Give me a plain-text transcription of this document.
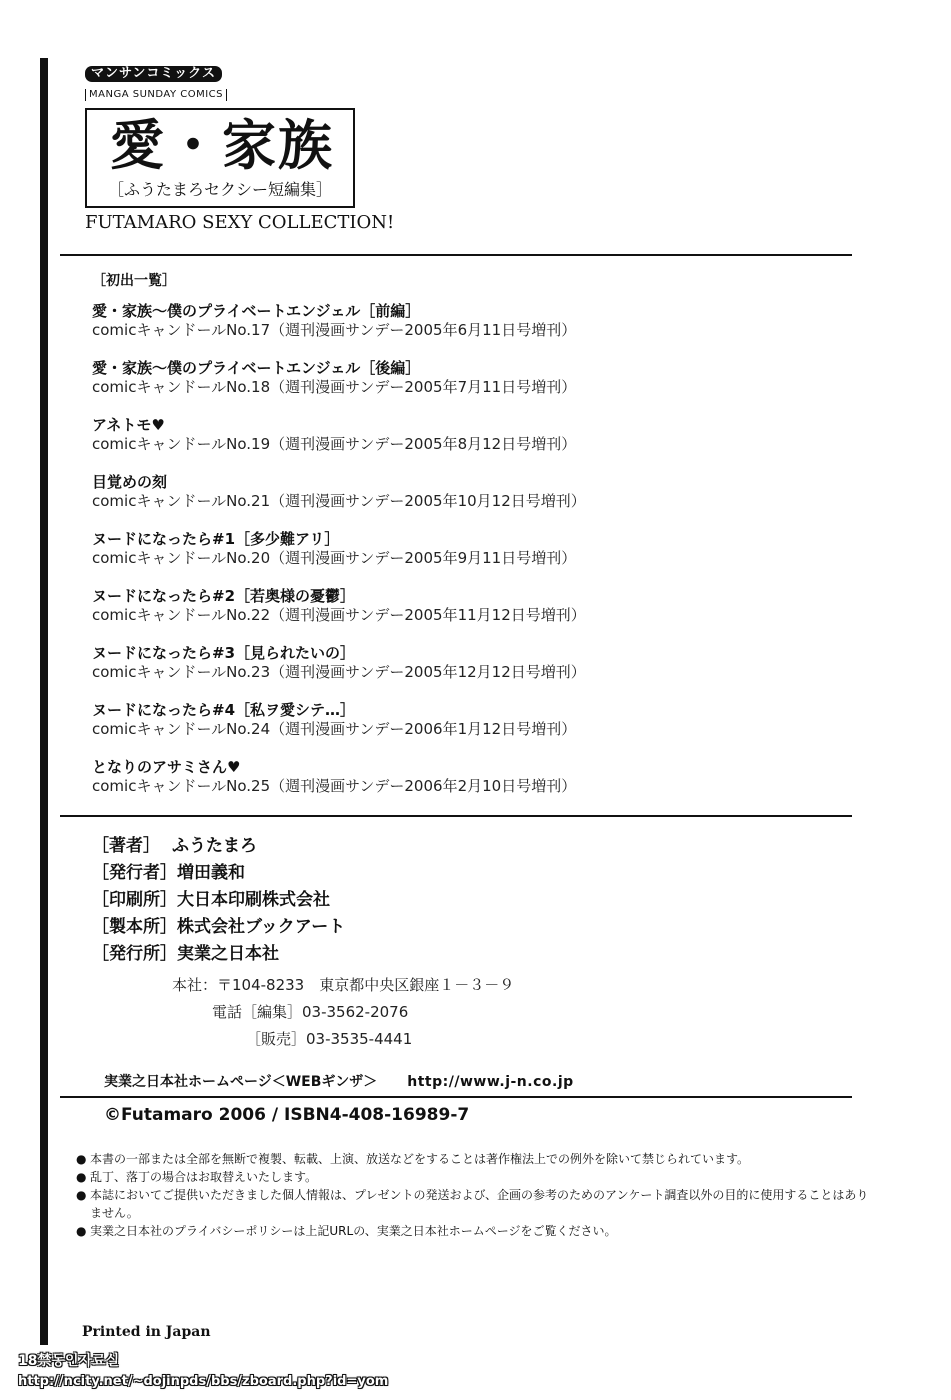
マンサンコミックス
MANGA SUNDAY COMICS
愛・家族
［ふうたまろセクシー短編集］
FUTAMARO SEXY COLLECTION!
［初出一覧］
愛・家族〜僕のプライベートエンジェル［前編］
comicキャンドールNo.17（週刊漫画サンデー2005年6月11日号増刊）
愛・家族〜僕のプライベートエンジェル［後編］
comicキャンドールNo.18（週刊漫画サンデー2005年7月11日号増刊）
アネトモ♥
comicキャンドールNo.19（週刊漫画サンデー2005年8月12日号増刊）
目覚めの刻
comicキャンドールNo.21（週刊漫画サンデー2005年10月12日号増刊）
ヌードになったら#1［多少難アリ］
comicキャンドールNo.20（週刊漫画サンデー2005年9月11日号増刊）
ヌードになったら#2［若奥様の憂鬱］
comicキャンドールNo.22（週刊漫画サンデー2005年11月12日号増刊）
ヌードになったら#3［見られたいの］
comicキャンドールNo.23（週刊漫画サンデー2005年12月12日号増刊）
ヌードになったら#4［私ヲ愛シテ…］
comicキャンドールNo.24（週刊漫画サンデー2006年1月12日号増刊）
となりのアサミさん♥
comicキャンドールNo.25（週刊漫画サンデー2006年2月10日号増刊）
［著者］ ふうたまろ
［発行者］増田義和
［印刷所］大日本印刷株式会社
［製本所］株式会社ブックアート
［発行所］実業之日本社
本社：〒104-8233　東京都中央区銀座１－３－９
電話［編集］03-3562-2076
［販売］03-3535-4441
実業之日本社ホームページ＜WEBギンザ＞ http://www.j-n.co.jp
©Futamaro 2006 / ISBN4-408-16989-7
● 本書の一部または全部を無断で複製、転載、上演、放送などをすることは著作権法上での例外を除いて禁じられています。
● 乱丁、落丁の場合はお取替えいたします。
● 本誌においてご提供いただきました個人情報は、プレゼントの発送および、企画の参考のためのアンケート調査以外の目的に使用することはありません。
● 実業之日本社のプライバシーポリシーは上記URLの、実業之日本社ホームページをご覧ください。
Printed in Japan
18禁동인자료실
http://ncity.net/~dojinpds/bbs/zboard.php?id=yom
